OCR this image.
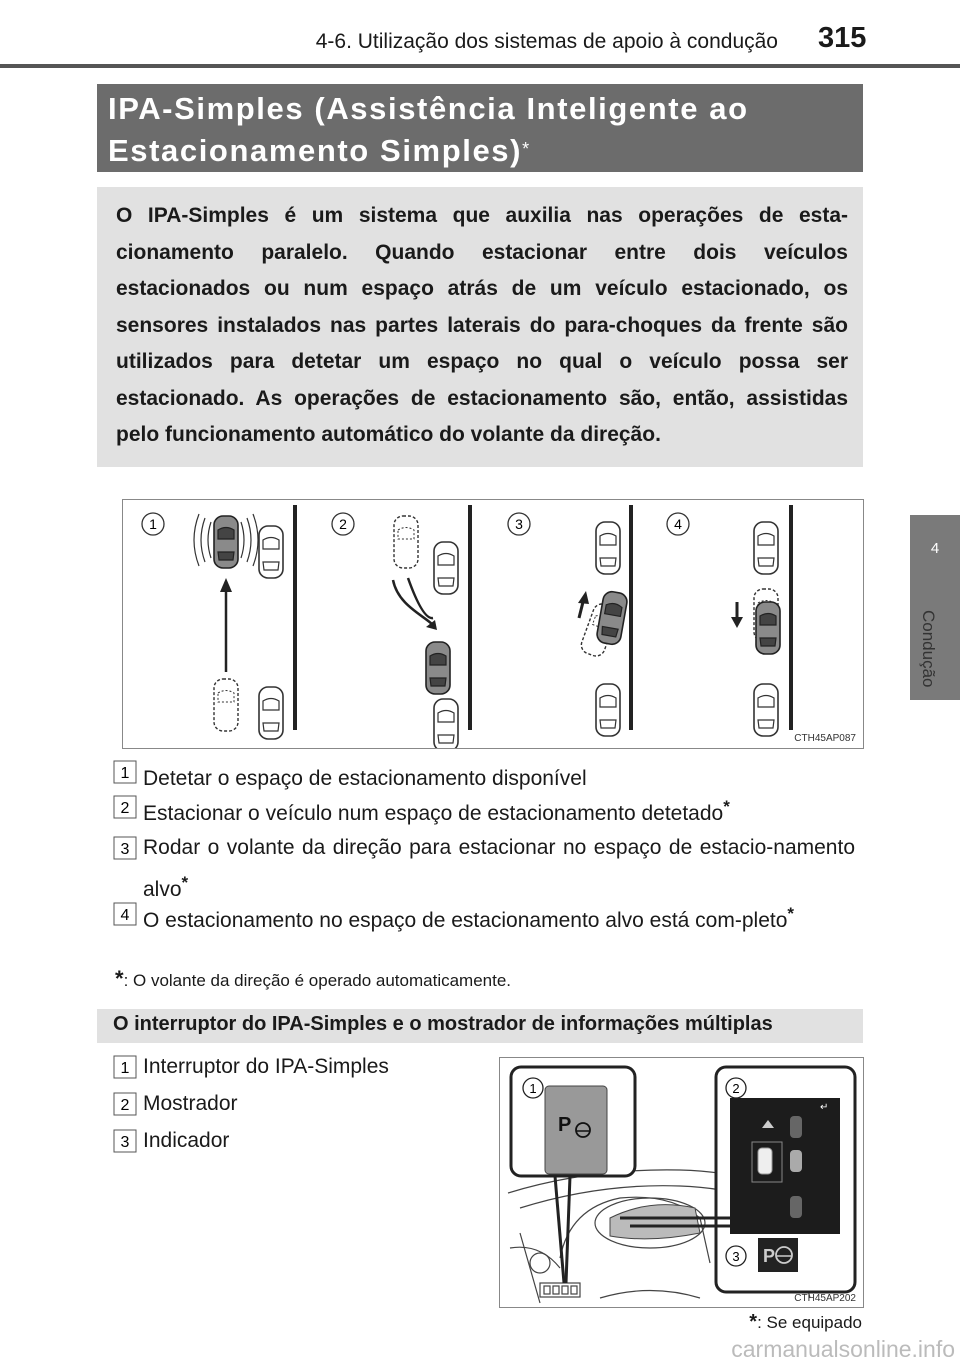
4-6. Utilização dos sistemas de apoio à condução 315
4
Condução
IPA-Simples (Assistência Inteligente ao Estacionamento Simples)*
O IPA-Simples é um sistema que auxilia nas operações de esta-cionamento paralelo. Quando estacionar entre dois veículos estacionados ou num espaço atrás de um veículo estacionado, os sensores instalados nas partes laterais do para-choques da frente são utilizados para detetar um espaço no qual o veículo possa ser estacionado. As operações de estacionamento são, então, assistidas pelo funcionamento automático do volante da direção.
1	2	3	4
CTH45AP087
1 Detetar o espaço de estacionamento disponível
2 Estacionar o veículo num espaço de estacionamento detetado*
3 Rodar o volante da direção para estacionar no espaço de estacio-namento alvo*
4 O estacionamento no espaço de estacionamento alvo está com-pleto*
*: O volante da direção é operado automaticamente.
O interruptor do IPA-Simples e o mostrador de informações múltiplas
1 Interruptor do IPA-Simples
2 Mostrador
3 Indicador
P
1
↵
2
P
3
CTH45AP202
*: Se equipado
carmanualsonline.info
